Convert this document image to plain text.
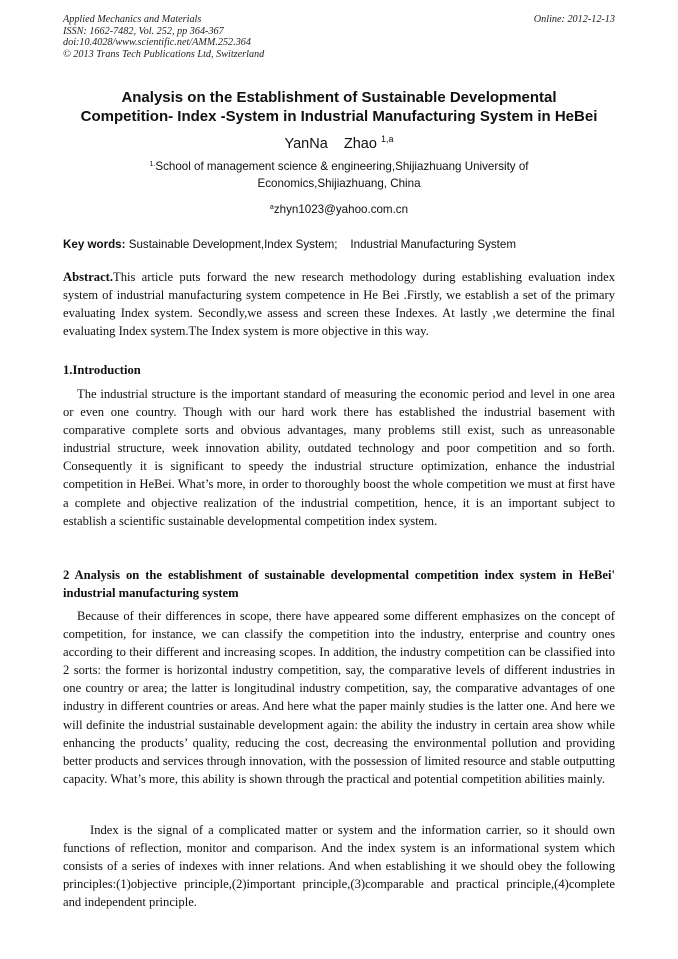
Applied Mechanics and Materials
ISSN: 1662-7482, Vol. 252, pp 364-367
doi:10.4028/www.scientific.net/AMM.252.364
© 2013 Trans Tech Publications Ltd, Switzerland
Online: 2012-12-13
Analysis on the Establishment of Sustainable Developmental
Competition- Index -System in Industrial Manufacturing System in HeBei
YanNa    Zhao $^{1,a}$
$^{1.}$School of management science & engineering,Shijiazhuang University of
Economics,Shijiazhuang, China
$^a$zhyn1023@yahoo.com.cn
Key words: Sustainable Development,Index System;    Industrial Manufacturing System
Abstract.This article puts forward the new research methodology during establishing evaluation index system of industrial manufacturing system competence in He Bei .Firstly, we establish a set of the primary evaluating Index system. Secondly,we assess and screen these Indexes. At lastly ,we determine the final evaluating Index system.The Index system is more objective in this way.
1.Introduction
The industrial structure is the important standard of measuring the economic period and level in one area or even one country. Though with our hard work there has established the industrial basement with comparative complete sorts and obvious advantages, many problems still exist, such as unreasonable industrial structure, week innovation ability, outdated technology and poor competition and so forth. Consequently it is significant to speedy the industrial structure optimization, enhance the industrial competition in HeBei. What’s more, in order to thoroughly boost the whole competition we must at first have a complete and objective realization of the industrial competition, hence, it is an important subject to establish a scientific sustainable developmental competition index system.
2 Analysis on the establishment of sustainable developmental competition index system in HeBei' industrial manufacturing system
Because of their differences in scope, there have appeared some different emphasizes on the concept of competition, for instance, we can classify the competition into the industry, enterprise and country ones according to their different and increasing scopes. In addition, the industry competition can be classified into 2 sorts: the former is horizontal industry competition, say, the comparative levels of different industries in one country or area; the latter is longitudinal industry competition, say, the comparative advantages of one industry in different countries or areas. And here what the paper mainly studies is the latter one. And here we will definite the industrial sustainable development again: the ability the industry in certain area show while enhancing the products’ quality, reducing the cost, decreasing the environmental pollution and providing better products and services through innovation, with the possession of limited resource and stable outputting capacity. What’s more, this ability is shown through the practical and potential competition abilities mainly.
Index is the signal of a complicated matter or system and the information carrier, so it should own functions of reflection, monitor and comparison. And the index system is an informational system which consists of a series of indexes with inner relations. And when establishing it we should obey the following principles:(1)objective principle,(2)important principle,(3)comparable and practical principle,(4)complete and independent principle.
